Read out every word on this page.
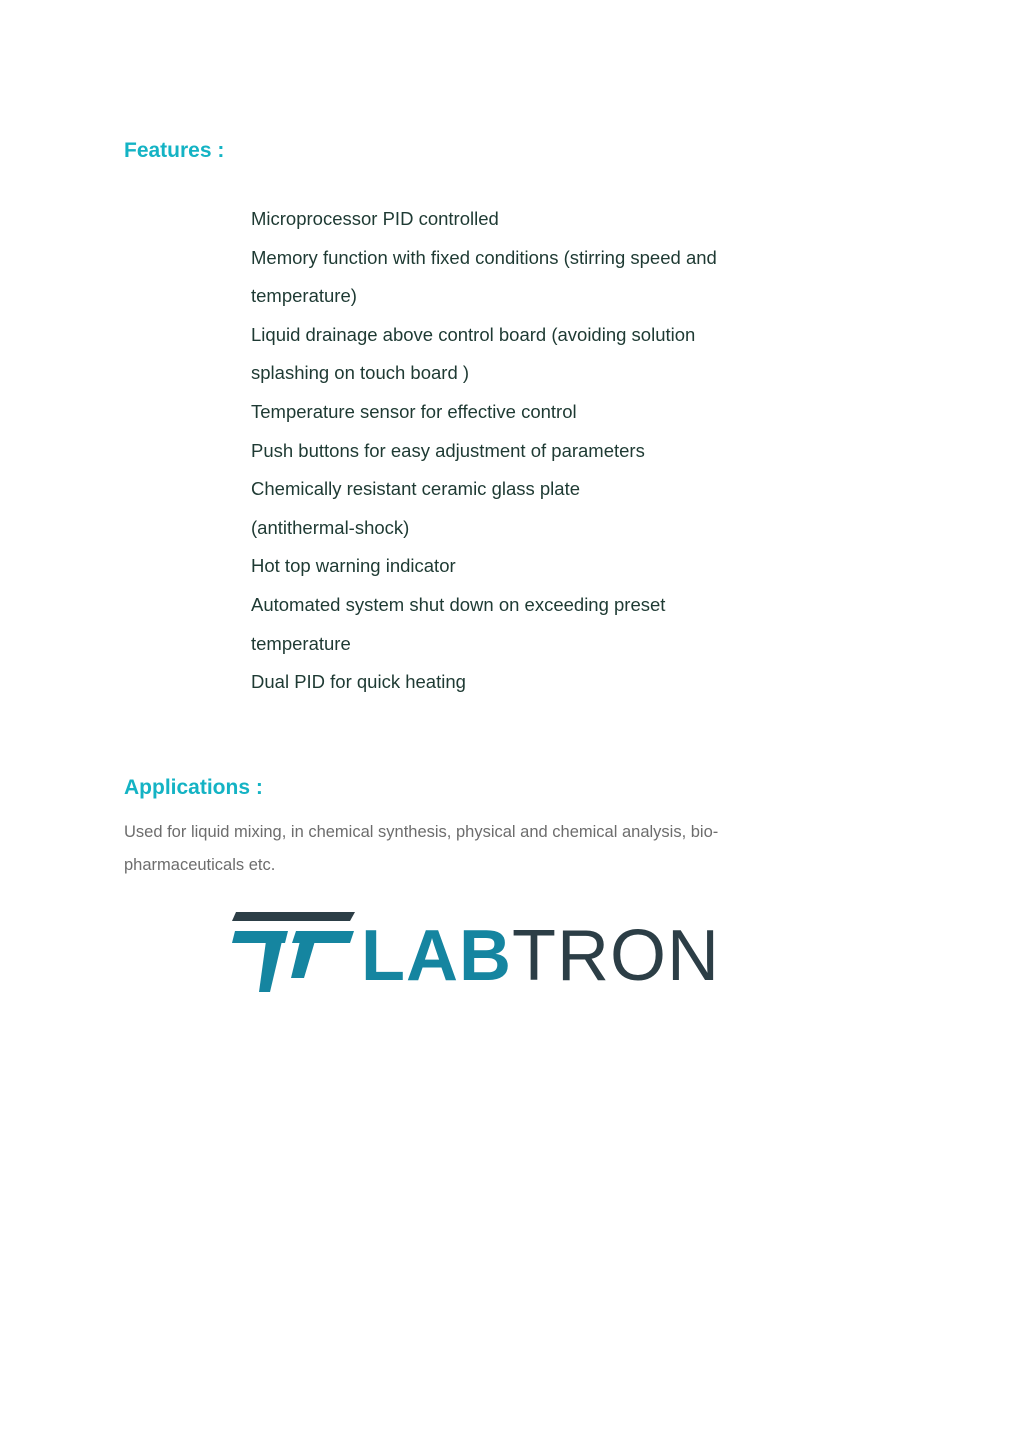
Features :
Microprocessor PID controlled
Memory function with fixed conditions (stirring speed and
temperature)
Liquid drainage above control board (avoiding solution
splashing on touch board )
Temperature sensor for effective control
Push buttons for easy adjustment of parameters
Chemically resistant ceramic glass plate
(antithermal-shock)
Hot top warning indicator
Automated system shut down on exceeding preset
temperature
Dual PID for quick heating
Applications :

Used for liquid mixing, in chemical synthesis, physical and chemical analysis, bio-pharmaceuticals etc.

LABTRON
